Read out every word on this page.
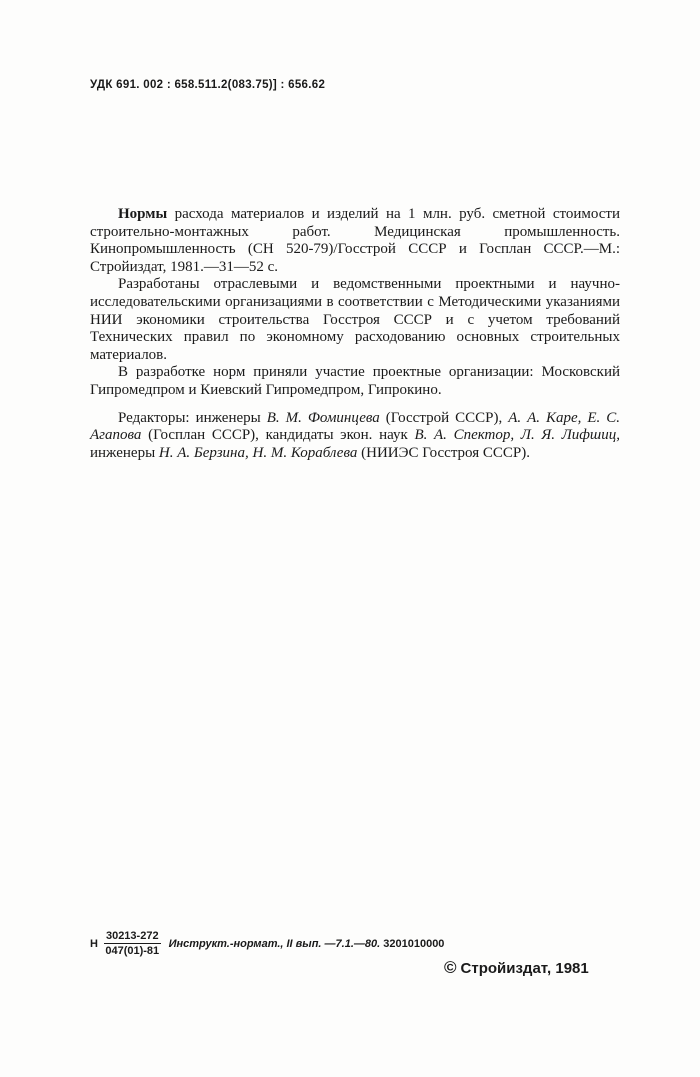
УДК 691. 002 : 658.511.2(083.75)] : 656.62

Нормы расхода материалов и изделий на 1 млн. руб. сметной стоимости строительно-монтажных работ. Медицинская промышленность. Кинопромышленность (СН 520-79)/Госстрой СССР и Госплан СССР.—М.: Стройиздат, 1981.—31—52 с.

Разработаны отраслевыми и ведомственными проектными и научно-исследовательскими организациями в соответствии с Методическими указаниями НИИ экономики строительства Госстроя СССР и с учетом требований Технических правил по экономному расходованию основных строительных материалов.

В разработке норм приняли участие проектные организации: Московский Гипромедпром и Киевский Гипромедпром, Гипрокино.

Редакторы: инженеры В. М. Фоминцева (Госстрой СССР), А. А. Каре, Е. С. Агапова (Госплан СССР), кандидаты экон. наук В. А. Спектор, Л. Я. Лифшиц, инженеры Н. А. Берзина, Н. М. Кораблева (НИИЭС Госстроя СССР).

Н $\frac{30213-272}{047(01)-81}$ Инструкт.-нормат., II вып. —7.1.—80.
3201010000
© Стройиздат, 1981
